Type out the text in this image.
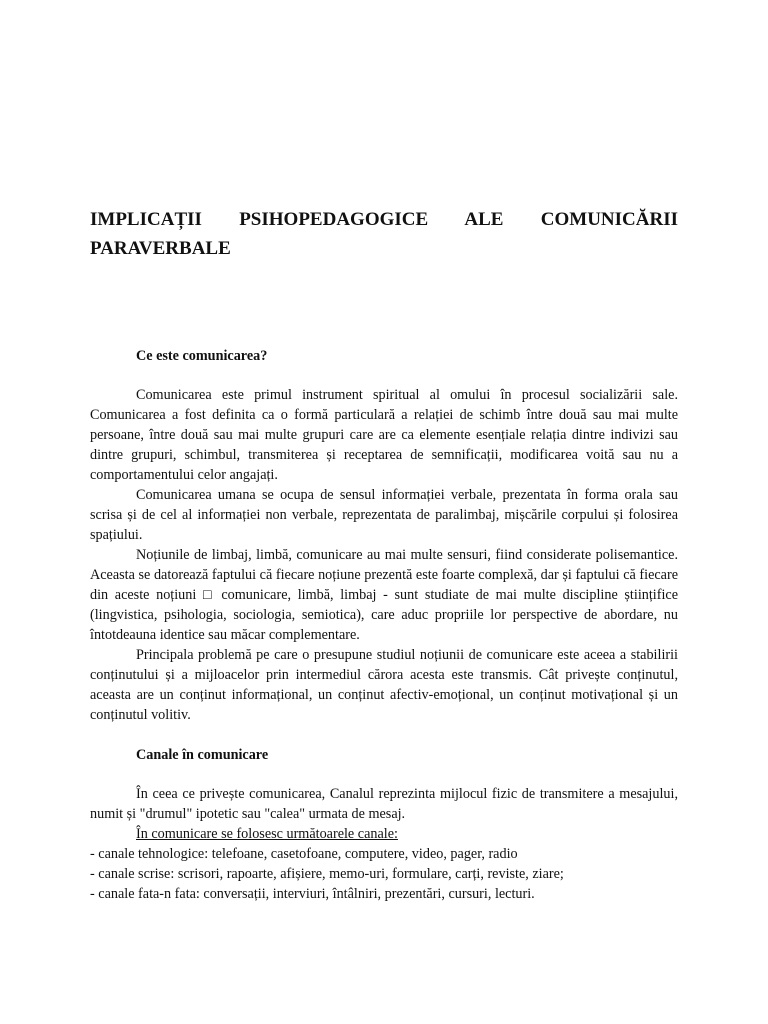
IMPLICAȚII PSIHOPEDAGOGICE ALE COMUNICĂRII PARAVERBALE
Ce este comunicarea?

Comunicarea este primul instrument spiritual al omului în procesul socializării sale. Comunicarea a fost definita ca o formă particulară a relației de schimb între două sau mai multe persoane, între două sau mai multe grupuri care are ca elemente esențiale relația dintre indivizi sau dintre grupuri, schimbul, transmiterea și receptarea de semnificații, modificarea voită sau nu a comportamentului celor angajați.

Comunicarea umana se ocupa de sensul informației verbale, prezentata în forma orala sau scrisa și de cel al informației non verbale, reprezentata de paralimbaj, mișcările corpului și folosirea spațiului.

Noțiunile de limbaj, limbă, comunicare au mai multe sensuri, fiind considerate polisemantice. Aceasta se datorează faptului că fiecare noțiune prezentă este foarte complexă, dar și faptului că fiecare din aceste noțiuni □ comunicare, limbă, limbaj - sunt studiate de mai multe discipline științifice (lingvistica, psihologia, sociologia, semiotica), care aduc propriile lor perspective de abordare, nu întotdeauna identice sau măcar complementare.

Principala problemă pe care o presupune studiul noțiunii de comunicare este aceea a stabilirii conținutului și a mijloacelor prin intermediul cărora acesta este transmis. Cât privește conținutul, aceasta are un conținut informațional, un conținut afectiv-emoțional, un conținut motivațional și un conținutul volitiv.

Canale în comunicare

În ceea ce privește comunicarea, Canalul reprezinta mijlocul fizic de transmitere a mesajului, numit și "drumul" ipotetic sau "calea" urmata de mesaj.

În comunicare se folosesc următoarele canale:

- canale tehnologice: telefoane, casetofoane, computere, video, pager, radio
- canale scrise: scrisori, rapoarte, afișiere, memo-uri, formulare, carți, reviste, ziare;
- canale fata-n fata: conversații, interviuri, întâlniri, prezentări, cursuri, lecturi.
